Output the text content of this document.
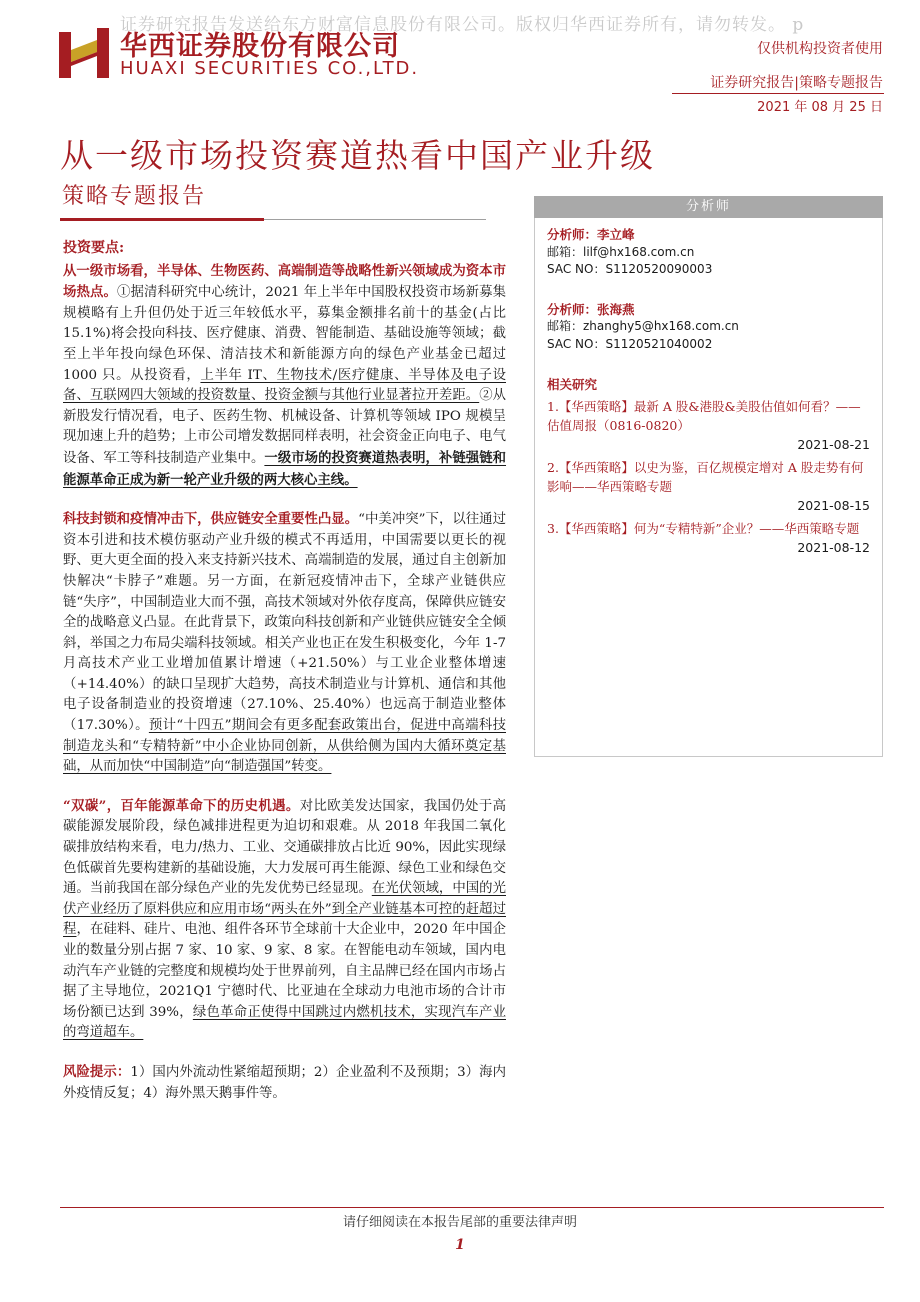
证券研究报告发送给东方财富信息股份有限公司。版权归华西证券所有，请勿转发。 p
华西证券股份有限公司
HUAXI SECURITIES CO.,LTD.
仅供机构投资者使用
证券研究报告|策略专题报告
2021 年 08 月 25 日
从一级市场投资赛道热看中国产业升级
策略专题报告

投资要点:

从一级市场看，半导体、生物医药、高端制造等战略性新兴领域成为资本市场热点。①据清科研究中心统计，2021 年上半年中国股权投资市场新募集规模略有上升但仍处于近三年较低水平，募集金额排名前十的基金(占比 15.1%)将会投向科技、医疗健康、消费、智能制造、基础设施等领域；截至上半年投向绿色环保、清洁技术和新能源方向的绿色产业基金已超过 1000 只。从投资看，上半年 IT、生物技术/医疗健康、半导体及电子设备、互联网四大领域的投资数量、投资金额与其他行业显著拉开差距。②从新股发行情况看，电子、医药生物、机械设备、计算机等领域 IPO 规模呈现加速上升的趋势；上市公司增发数据同样表明，社会资金正向电子、电气设备、军工等科技制造产业集中。一级市场的投资赛道热表明，补链强链和能源革命正成为新一轮产业升级的两大核心主线。

科技封锁和疫情冲击下，供应链安全重要性凸显。“中美冲突”下，以往通过资本引进和技术模仿驱动产业升级的模式不再适用，中国需要以更长的视野、更大更全面的投入来支持新兴技术、高端制造的发展，通过自主创新加快解决“卡脖子”难题。另一方面，在新冠疫情冲击下，全球产业链供应链“失序”，中国制造业大而不强，高技术领域对外依存度高，保障供应链安全的战略意义凸显。在此背景下，政策向科技创新和产业链供应链安全全倾斜，举国之力布局尖端科技领域。相关产业也正在发生积极变化，今年 1-7 月高技术产业工业增加值累计增速（+21.50%）与工业企业整体增速（+14.40%）的缺口呈现扩大趋势，高技术制造业与计算机、通信和其他电子设备制造业的投资增速（27.10%、25.40%）也远高于制造业整体（17.30%）。预计“十四五”期间会有更多配套政策出台，促进中高端科技制造龙头和“专精特新”中小企业协同创新，从供给侧为国内大循环奠定基础，从而加快“中国制造”向“制造强国”转变。

“双碳”，百年能源革命下的历史机遇。对比欧美发达国家，我国仍处于高碳能源发展阶段，绿色减排进程更为迫切和艰难。从 2018 年我国二氧化碳排放结构来看，电力/热力、工业、交通碳排放占比近 90%，因此实现绿色低碳首先要构建新的基础设施，大力发展可再生能源、绿色工业和绿色交通。当前我国在部分绿色产业的先发优势已经显现。在光伏领域，中国的光伏产业经历了原料供应和应用市场“两头在外”到全产业链基本可控的赶超过程，在硅料、硅片、电池、组件各环节全球前十大企业中，2020 年中国企业的数量分别占据 7 家、10 家、9 家、8 家。在智能电动车领域，国内电动汽车产业链的完整度和规模均处于世界前列，自主品牌已经在国内市场占据了主导地位，2021Q1 宁德时代、比亚迪在全球动力电池市场的合计市场份额已达到 39%，绿色革命正使得中国跳过内燃机技术，实现汽车产业的弯道超车。

风险提示：1）国内外流动性紧缩超预期；2）企业盈利不及预期；3）海内外疫情反复；4）海外黑天鹅事件等。

分析师
分析师：李立峰
邮箱：lilf@hx168.com.cn
SAC NO：S1120520090003
分析师：张海燕
邮箱：zhanghy5@hx168.com.cn
SAC NO：S1120521040002
相关研究
1.【华西策略】最新 A 股&港股&美股估值如何看？——估值周报（0816-0820）
2021-08-21
2.【华西策略】以史为鉴，百亿规模定增对 A 股走势有何影响——华西策略专题
2021-08-15
3.【华西策略】何为“专精特新”企业？——华西策略专题
2021-08-12
请仔细阅读在本报告尾部的重要法律声明
1
